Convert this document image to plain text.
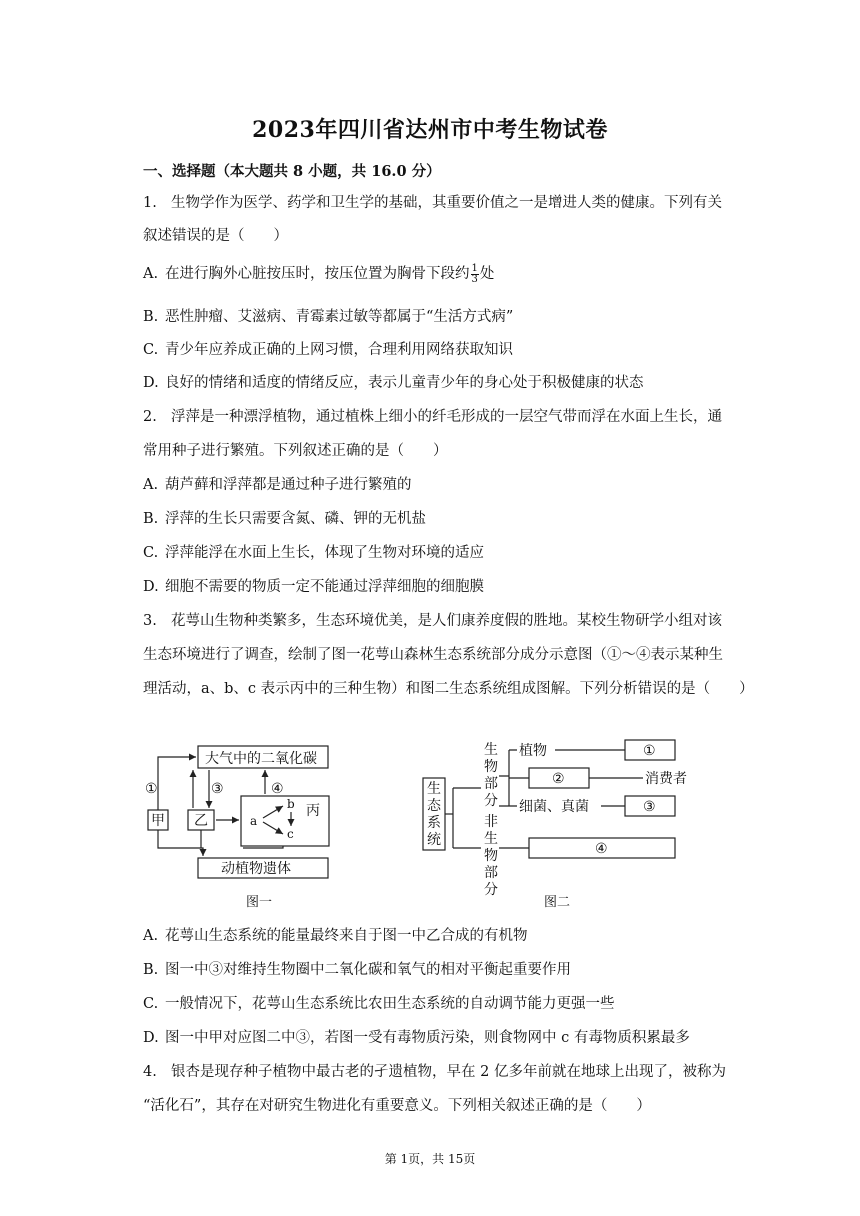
2023年四川省达州市中考生物试卷
一、选择题（本大题共 8 小题，共 16.0 分）
1. 生物学作为医学、药学和卫生学的基础，其重要价值之一是增进人类的健康。下列有关
叙述错误的是（　　）
A. 在进行胸外心脏按压时，按压位置为胸骨下段约 $\frac{1}{3}$ 处
B. 恶性肿瘤、艾滋病、青霉素过敏等都属于“生活方式病”
C. 青少年应养成正确的上网习惯，合理利用网络获取知识
D. 良好的情绪和适度的情绪反应，表示儿童青少年的身心处于积极健康的状态
2. 浮萍是一种漂浮植物，通过植株上细小的纤毛形成的一层空气带而浮在水面上生长，通
常用种子进行繁殖。下列叙述正确的是（　　）
A. 葫芦藓和浮萍都是通过种子进行繁殖的
B. 浮萍的生长只需要含氮、磷、钾的无机盐
C. 浮萍能浮在水面上生长，体现了生物对环境的适应
D. 细胞不需要的物质一定不能通过浮萍细胞的细胞膜
3. 花萼山生物种类繁多，生态环境优美，是人们康养度假的胜地。某校生物研学小组对该
生态环境进行了调查，绘制了图一花萼山森林生态系统部分成分示意图（①～④表示某种生
理活动，a、b、c 表示丙中的三种生物）和图二生态系统组成图解。下列分析错误的是（　　）
大气中的二氧化碳
动植物遗体
甲 乙
丙
a
b
c
①	③	④
图一
生
态
系
统
生
物
部
分
非
生
物
部
分
植物
消费者
细菌、真菌
①
②
③
④
图二
A. 花萼山生态系统的能量最终来自于图一中乙合成的有机物
B. 图一中③对维持生物圈中二氧化碳和氧气的相对平衡起重要作用
C. 一般情况下，花萼山生态系统比农田生态系统的自动调节能力更强一些
D. 图一中甲对应图二中③，若图一受有毒物质污染，则食物网中 c 有毒物质积累最多
4. 银杏是现存种子植物中最古老的孑遗植物，早在 2 亿多年前就在地球上出现了，被称为
“活化石”，其存在对研究生物进化有重要意义。下列相关叙述正确的是（　　）
第 1页，共 15页
